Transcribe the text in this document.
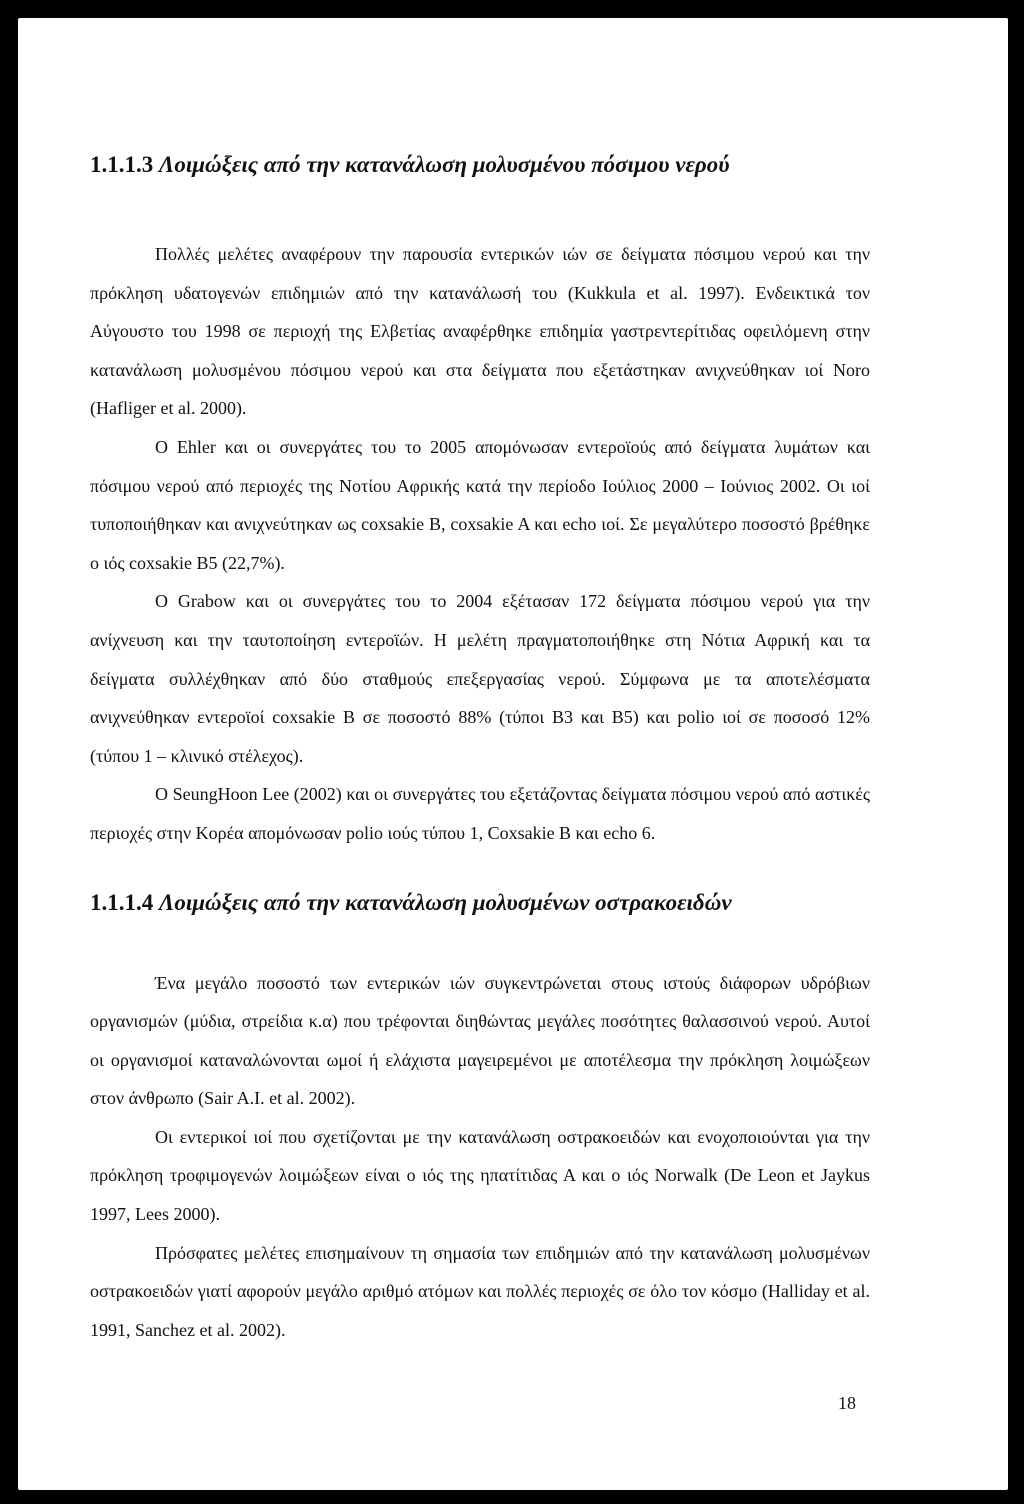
1.1.1.3 Λοιμώξεις από την κατανάλωση μολυσμένου πόσιμου νερού

Πολλές μελέτες αναφέρουν την παρουσία εντερικών ιών σε δείγματα πόσιμου νερού και την πρόκληση υδατογενών επιδημιών από την κατανάλωσή του (Kukkula et al. 1997). Ενδεικτικά τον Αύγουστο του 1998 σε περιοχή της Ελβετίας αναφέρθηκε επιδημία γαστρεντερίτιδας οφειλόμενη στην κατανάλωση μολυσμένου πόσιμου νερού και στα δείγματα που εξετάστηκαν ανιχνεύθηκαν ιοί Noro (Hafliger et al. 2000).

O Ehler και οι συνεργάτες του το 2005 απομόνωσαν εντεροϊούς από δείγματα λυμάτων και πόσιμου νερού από περιοχές της Νοτίου Αφρικής κατά την περίοδο Ιούλιος 2000 – Ιούνιος 2002. Οι ιοί τυποποιήθηκαν και ανιχνεύτηκαν ως coxsakie B, coxsakie A και echo ιοί. Σε μεγαλύτερο ποσοστό βρέθηκε ο ιός coxsakie B5 (22,7%).

O Grabow και οι συνεργάτες του το 2004 εξέτασαν 172 δείγματα πόσιμου νερού για την ανίχνευση και την ταυτοποίηση εντεροϊών. Η μελέτη πραγματοποιήθηκε στη Νότια Αφρική και τα δείγματα συλλέχθηκαν από δύο σταθμούς επεξεργασίας νερού. Σύμφωνα με τα αποτελέσματα ανιχνεύθηκαν εντεροϊοί coxsakie B σε ποσοστό 88% (τύποι B3 και B5) και polio ιοί σε ποσοσό 12% (τύπου 1 – κλινικό στέλεχος).

O SeungHoon Lee (2002) και οι συνεργάτες του εξετάζοντας δείγματα πόσιμου νερού από αστικές περιοχές στην Κορέα απομόνωσαν polio ιούς τύπου 1, Coxsakie B και echo 6.

1.1.1.4 Λοιμώξεις από την κατανάλωση μολυσμένων οστρακοειδών

Ένα μεγάλο ποσοστό των εντερικών ιών συγκεντρώνεται στους ιστούς διάφορων υδρόβιων οργανισμών (μύδια, στρείδια κ.α) που τρέφονται διηθώντας μεγάλες ποσότητες θαλασσινού νερού. Αυτοί οι οργανισμοί καταναλώνονται ωμοί ή ελάχιστα μαγειρεμένοι με αποτέλεσμα την πρόκληση λοιμώξεων στον άνθρωπο (Sair A.I. et al. 2002).

Οι εντερικοί ιοί που σχετίζονται με την κατανάλωση οστρακοειδών και ενοχοποιούνται για την πρόκληση τροφιμογενών λοιμώξεων είναι ο ιός της ηπατίτιδας Α και ο ιός Norwalk (De Leon et Jaykus 1997, Lees 2000).

Πρόσφατες μελέτες επισημαίνουν τη σημασία των επιδημιών από την κατανάλωση μολυσμένων οστρακοειδών γιατί αφορούν μεγάλο αριθμό ατόμων και πολλές περιοχές σε όλο τον κόσμο (Halliday et al. 1991, Sanchez et al. 2002).

18
